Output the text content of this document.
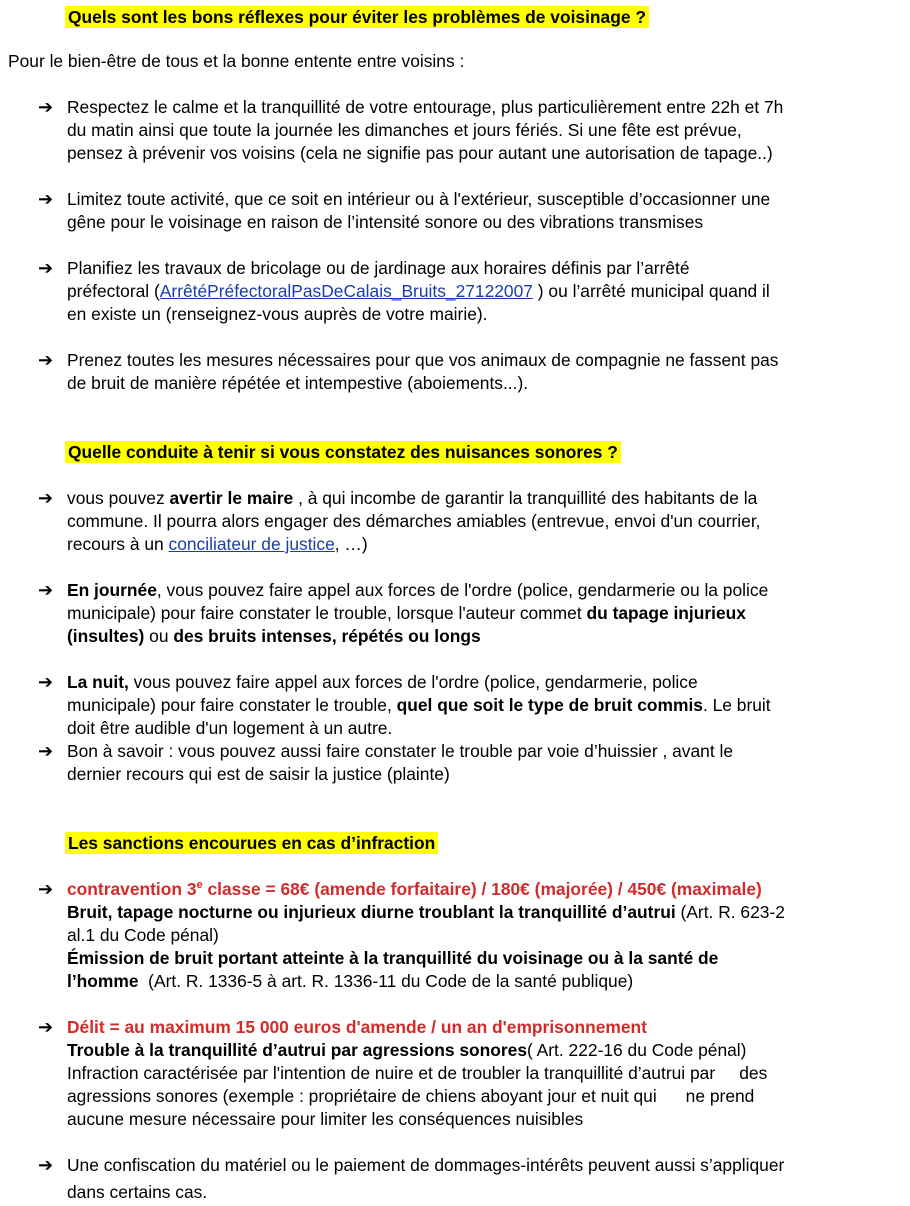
Quels sont les bons réflexes pour éviter les problèmes de voisinage ?
Pour le bien-être de tous et la bonne entente entre voisins :
➔ Respectez le calme et la tranquillité de votre entourage, plus particulièrement entre 22h et 7h
du matin ainsi que toute la journée les dimanches et jours fériés. Si une fête est prévue,
pensez à prévenir vos voisins (cela ne signifie pas pour autant une autorisation de tapage..)
➔ Limitez toute activité, que ce soit en intérieur ou à l'extérieur, susceptible d’occasionner une
gêne pour le voisinage en raison de l’intensité sonore ou des vibrations transmises
➔ Planifiez les travaux de bricolage ou de jardinage aux horaires définis par l’arrêté
préfectoral (ArrêtéPréfectoralPasDeCalais_Bruits_27122007 ) ou l’arrêté municipal quand il
en existe un (renseignez-vous auprès de votre mairie).
➔ Prenez toutes les mesures nécessaires pour que vos animaux de compagnie ne fassent pas
de bruit de manière répétée et intempestive (aboiements...).
Quelle conduite à tenir si vous constatez des nuisances sonores ?
➔ vous pouvez avertir le maire , à qui incombe de garantir la tranquillité des habitants de la
commune. Il pourra alors engager des démarches amiables (entrevue, envoi d'un courrier,
recours à un conciliateur de justice, …)
➔ En journée, vous pouvez faire appel aux forces de l'ordre (police, gendarmerie ou la police
municipale) pour faire constater le trouble, lorsque l'auteur commet du tapage injurieux
(insultes) ou des bruits intenses, répétés ou longs
➔ La nuit, vous pouvez faire appel aux forces de l'ordre (police, gendarmerie, police
municipale) pour faire constater le trouble, quel que soit le type de bruit commis. Le bruit
doit être audible d'un logement à un autre.
➔ Bon à savoir : vous pouvez aussi faire constater le trouble par voie d’huissier , avant le
dernier recours qui est de saisir la justice (plainte)
Les sanctions encourues en cas d’infraction
➔ contravention 3e classe = 68€ (amende forfaitaire) / 180€ (majorée) / 450€ (maximale)
Bruit, tapage nocturne ou injurieux diurne troublant la tranquillité d’autrui (Art. R. 623-2
al.1 du Code pénal)
Émission de bruit portant atteinte à la tranquillité du voisinage ou à la santé de
l’homme  (Art. R. 1336-5 à art. R. 1336-11 du Code de la santé publique)
➔ Délit = au maximum 15 000 euros d'amende / un an d'emprisonnement
Trouble à la tranquillité d’autrui par agressions sonores( Art. 222-16 du Code pénal)
Infraction caractérisée par l'intention de nuire et de troubler la tranquillité d’autrui par     des
agressions sonores (exemple : propriétaire de chiens aboyant jour et nuit qui      ne prend
aucune mesure nécessaire pour limiter les conséquences nuisibles
➔ Une confiscation du matériel ou le paiement de dommages-intérêts peuvent aussi s’appliquer
dans certains cas.
